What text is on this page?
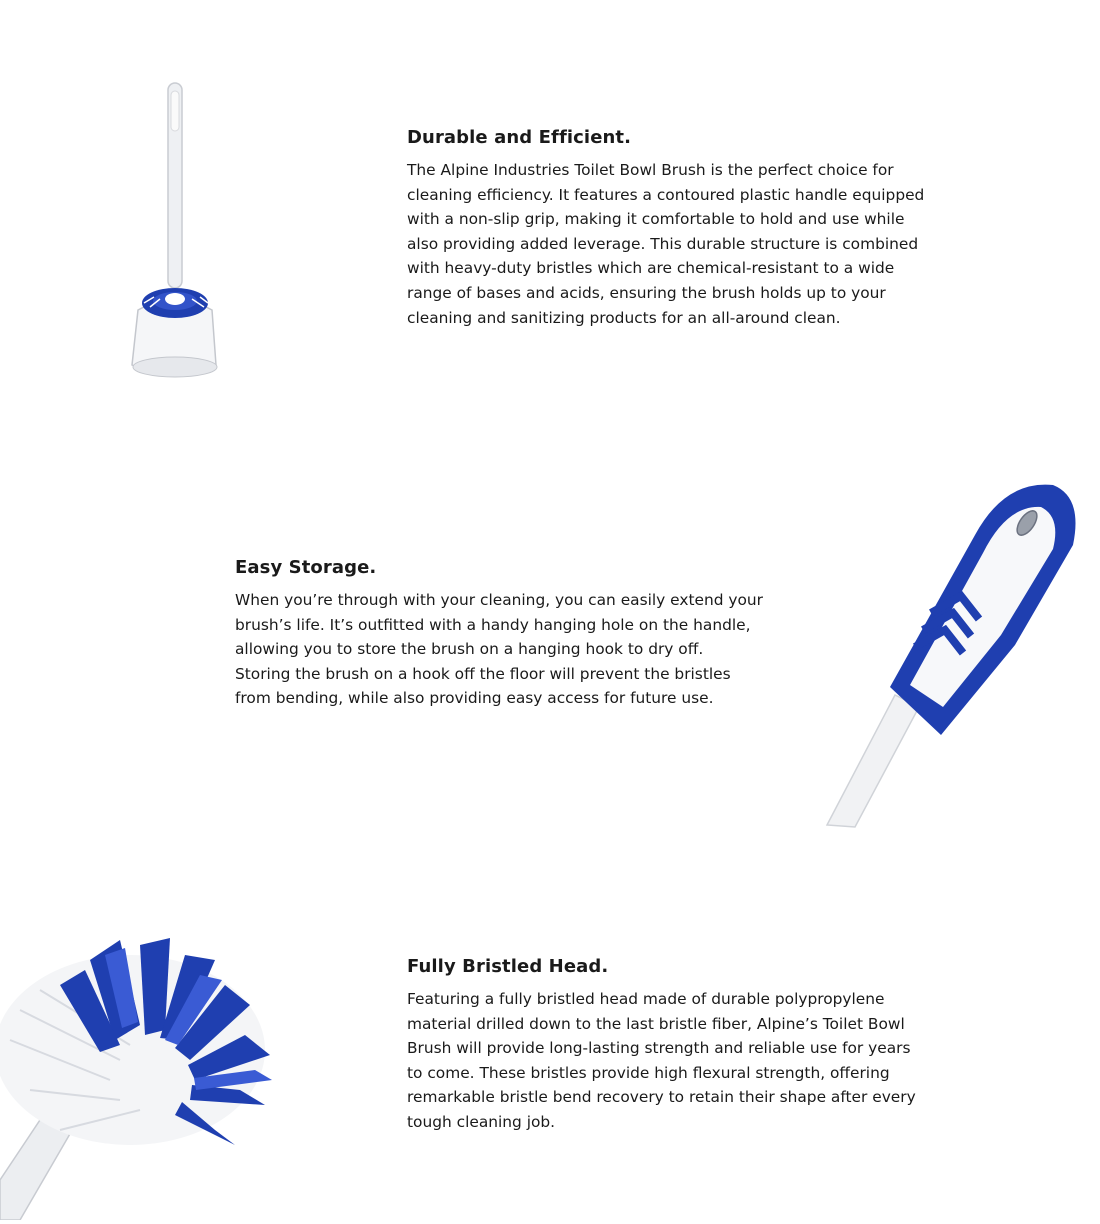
Durable and Efficient.

The Alpine Industries Toilet Bowl Brush is the perfect choice for
cleaning efficiency. It features a contoured plastic handle equipped
with a non-slip grip, making it comfortable to hold and use while
also providing added leverage. This durable structure is combined
with heavy-duty bristles which are chemical-resistant to a wide
range of bases and acids, ensuring the brush holds up to your
cleaning and sanitizing products for an all-around clean.

Easy Storage.

When you’re through with your cleaning, you can easily extend your
brush’s life. It’s outfitted with a handy hanging hole on the handle,
allowing you to store the brush on a hanging hook to dry off.
Storing the brush on a hook off the floor will prevent the bristles
from bending, while also providing easy access for future use.

Fully Bristled Head.

Featuring a fully bristled head made of durable polypropylene
material drilled down to the last bristle fiber, Alpine’s Toilet Bowl
Brush will provide long-lasting strength and reliable use for years
to come. These bristles provide high flexural strength, offering
remarkable bristle bend recovery to retain their shape after every
tough cleaning job.
